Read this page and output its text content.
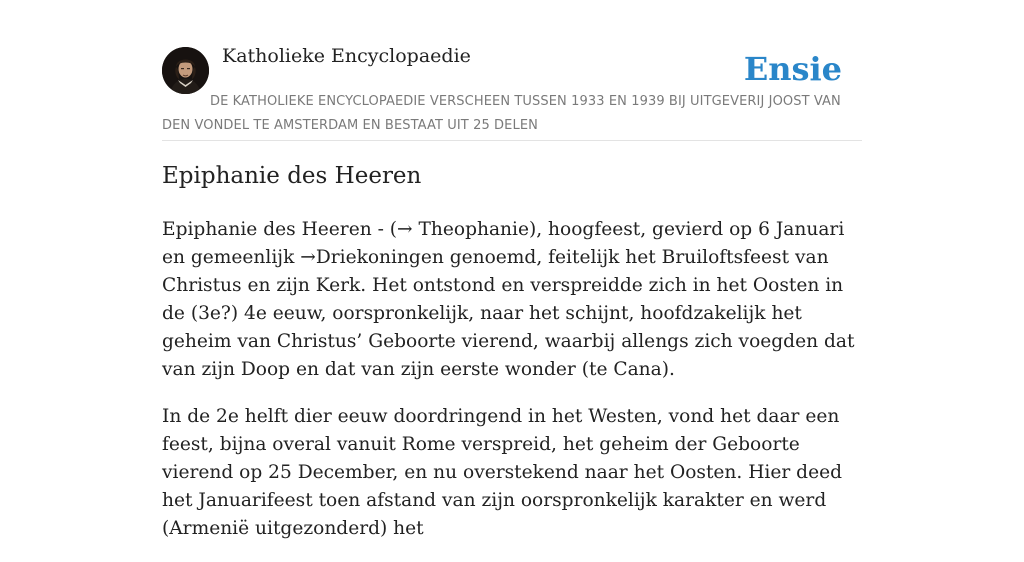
Katholieke Encyclopaedie	Ensie
DE KATHOLIEKE ENCYCLOPAEDIE VERSCHEEN TUSSEN 1933 EN 1939 BIJ UITGEVERIJ JOOST VAN DEN VONDEL TE AMSTERDAM EN BESTAAT UIT 25 DELEN
Epiphanie des Heeren

Epiphanie des Heeren - (→ Theophanie), hoogfeest, gevierd op 6 Januari en gemeenlijk →Driekoningen genoemd, feitelijk het Bruiloftsfeest van Christus en zijn Kerk. Het ontstond en verspreidde zich in het Oosten in de (3e?) 4e eeuw, oorspronkelijk, naar het schijnt, hoofdzakelijk het geheim van Christus’ Geboorte vierend, waarbij allengs zich voegden dat van zijn Doop en dat van zijn eerste wonder (te Cana).

In de 2e helft dier eeuw doordringend in het Westen, vond het daar een feest, bijna overal vanuit Rome verspreid, het geheim der Geboorte vierend op 25 December, en nu overstekend naar het Oosten. Hier deed het Januarifeest toen afstand van zijn oorspronkelijk karakter en werd (Armenië uitgezonderd) het
